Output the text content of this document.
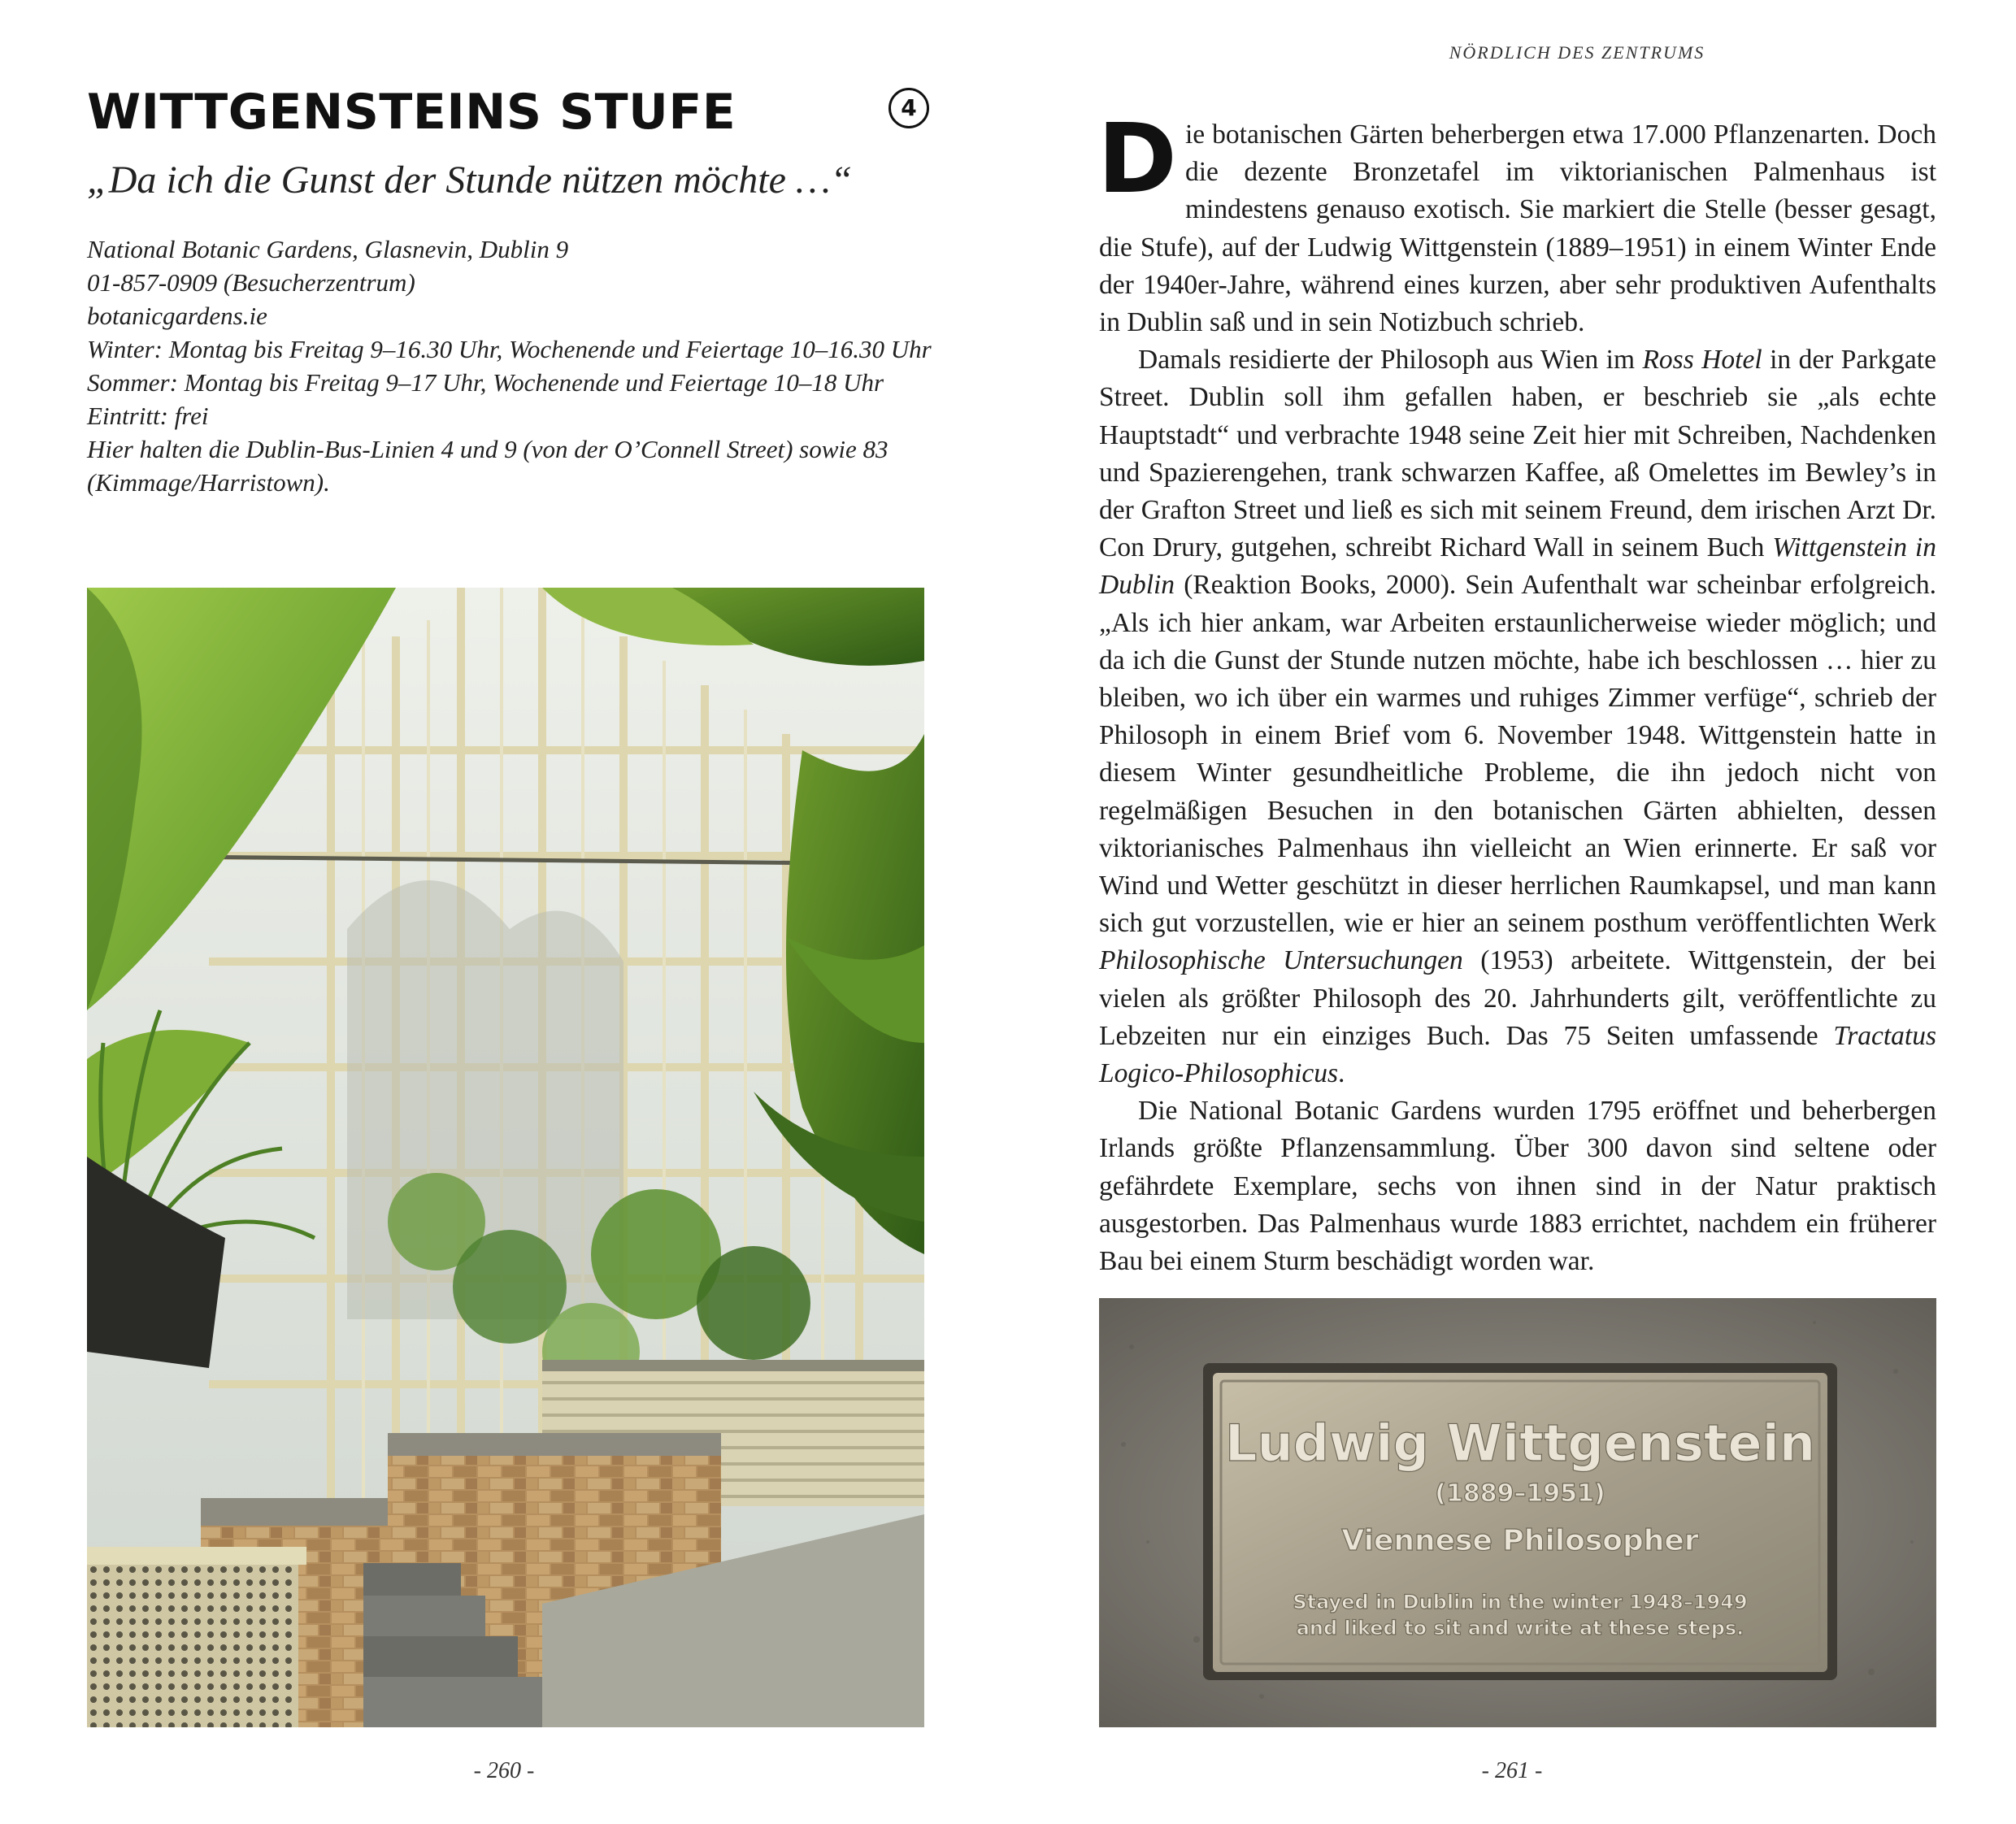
WITTGENSTEINS STUFE	4

„Da ich die Gunst der Stunde nützen möchte …“

National Botanic Gardens, Glasnevin, Dublin 9
01-857-0909 (Besucherzentrum)
botanicgardens.ie
Winter: Montag bis Freitag 9–16.30 Uhr, Wochenende und Feiertage 10–16.30 Uhr
Sommer: Montag bis Freitag 9–17 Uhr, Wochenende und Feiertage 10–18 Uhr
Eintritt: frei
Hier halten die Dublin-Bus-Linien 4 und 9 (von der O’Connell Street) sowie 83 (Kimmage/Harristown).
- 260 -
NÖRDLICH DES ZENTRUMS

Die botanischen Gärten beherbergen etwa 17.000 Pflanzenarten. Doch die dezente Bronzetafel im viktorianischen Palmenhaus ist mindestens genauso exotisch. Sie markiert die Stelle (besser gesagt, die Stufe), auf der Ludwig Wittgenstein (1889–1951) in einem Winter Ende der 1940er-Jahre, während eines kurzen, aber sehr produktiven Aufenthalts in Dublin saß und in sein Notizbuch schrieb.

Damals residierte der Philosoph aus Wien im Ross Hotel in der Parkgate Street. Dublin soll ihm gefallen haben, er beschrieb sie „als echte Hauptstadt“ und verbrachte 1948 seine Zeit hier mit Schreiben, Nachdenken und Spazierengehen, trank schwarzen Kaffee, aß Omelettes im Bewley’s in der Grafton Street und ließ es sich mit seinem Freund, dem irischen Arzt Dr. Con Drury, gutgehen, schreibt Richard Wall in seinem Buch Wittgenstein in Dublin (Reaktion Books, 2000). Sein Aufenthalt war scheinbar erfolgreich. „Als ich hier ankam, war Arbeiten erstaunlicherweise wieder möglich; und da ich die Gunst der Stunde nutzen möchte, habe ich beschlossen … hier zu bleiben, wo ich über ein warmes und ruhiges Zimmer verfüge“, schrieb der Philosoph in einem Brief vom 6. November 1948. Wittgenstein hatte in diesem Winter gesundheitliche Probleme, die ihn jedoch nicht von regelmäßigen Besuchen in den botanischen Gärten abhielten, dessen viktorianisches Palmenhaus ihn vielleicht an Wien erinnerte. Er saß vor Wind und Wetter geschützt in dieser herrlichen Raumkapsel, und man kann sich gut vorzustellen, wie er hier an seinem posthum veröffentlichten Werk Philosophische Untersuchungen (1953) arbeitete. Wittgenstein, der bei vielen als größter Philosoph des 20. Jahrhunderts gilt, veröffentlichte zu Lebzeiten nur ein einziges Buch. Das 75 Seiten umfassende Tractatus Logico-Philosophicus.

Die National Botanic Gardens wurden 1795 eröffnet und beherbergen Irlands größte Pflanzensammlung. Über 300 davon sind seltene oder gefährdete Exemplare, sechs von ihnen sind in der Natur praktisch ausgestorben. Das Palmenhaus wurde 1883 errichtet, nachdem ein früherer Bau bei einem Sturm beschädigt worden war.

Ludwig Wittgenstein
(1889–1951)
Viennese Philosopher
Stayed in Dublin in the winter 1948–1949
and liked to sit and write at these steps.
- 261 -
